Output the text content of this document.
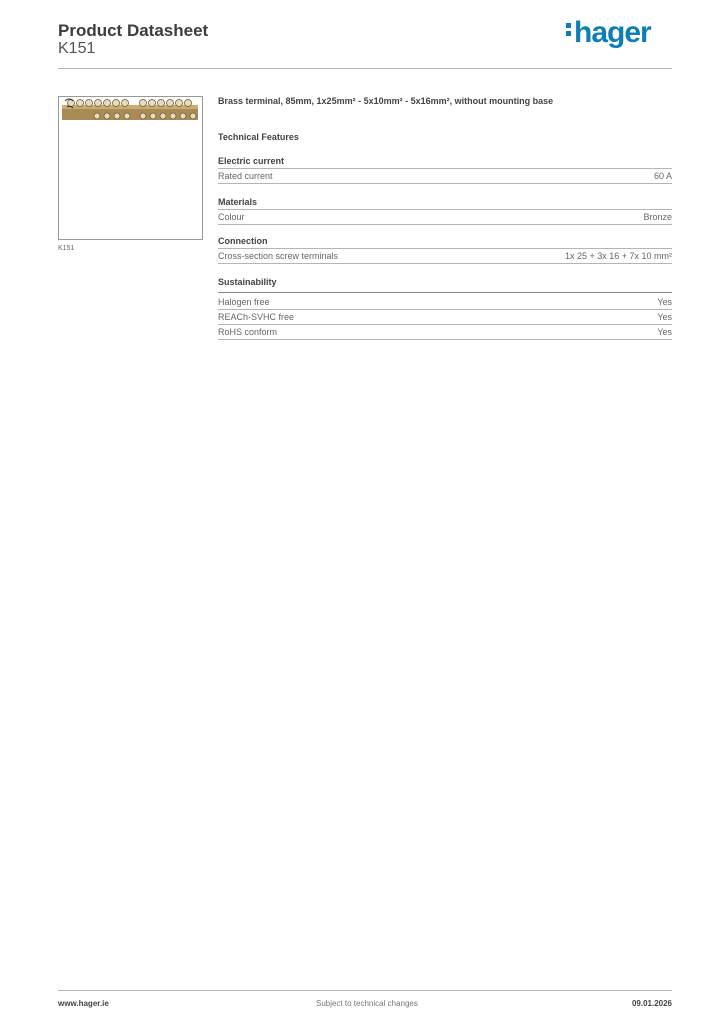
Product Datasheet
K151	hager
K151
Brass terminal, 85mm, 1x25mm² - 5x10mm² - 5x16mm², without mounting base
Technical Features
Electric current
Rated current	60 A
Materials
Colour	Bronze
Connection
Cross-section screw terminals	1x 25 + 3x 16 + 7x 10 mm²
Sustainability
Halogen free	Yes
REACh-SVHC free	Yes
RoHS conform	Yes
www.hager.ie	Subject to technical changes	09.01.2026
